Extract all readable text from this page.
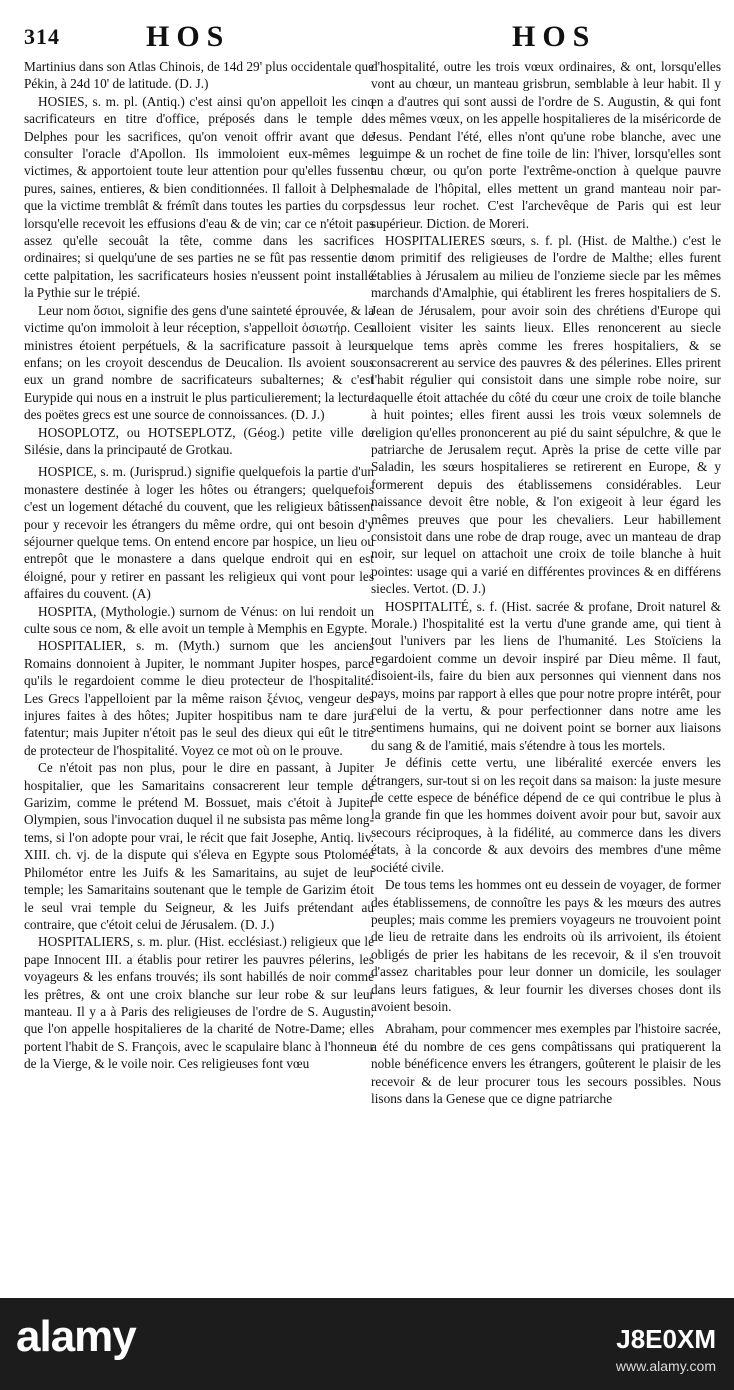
314	HOS	HOS

Martinius dans son Atlas Chinois, de 14d 29' plus occidentale que Pékin, à 24d 10' de latitude. (D. J.)

HOSIES, s. m. pl. (Antiq.) c'est ainsi qu'on appelloit les cinq sacrificateurs en titre d'office, préposés dans le temple de Delphes pour les sacrifices, qu'on venoit offrir avant que de consulter l'oracle d'Apollon. Ils immoloient eux-mêmes les victimes, & apportoient toute leur attention pour qu'elles fussent pures, saines, entieres, & bien conditionnées. Il falloit à Delphes que la victime tremblât & frémît dans toutes les parties du corps, lorsqu'elle recevoit les effusions d'eau & de vin; car ce n'étoit pas assez qu'elle secouât la tête, comme dans les sacrifices ordinaires; si quelqu'une de ses parties ne se fût pas ressentie de cette palpitation, les sacrificateurs hosies n'eussent point installé la Pythie sur le trépié.

Leur nom ὅσιοι, signifie des gens d'une sainteté éprouvée, & la victime qu'on immoloit à leur réception, s'appelloit ὁσιωτήρ. Ces ministres étoient perpétuels, & la sacrificature passoit à leurs enfans; on les croyoit descendus de Deucalion. Ils avoient sous eux un grand nombre de sacrificateurs subalternes; & c'est Eurypide qui nous en a instruit le plus particulierement; la lecture des poëtes grecs est une source de connoissances. (D. J.)

HOSOPLOTZ, ou HOTSEPLOTZ, (Géog.) petite ville de Silésie, dans la principauté de Grotkau.

HOSPICE, s. m. (Jurisprud.) signifie quelquefois la partie d'un monastere destinée à loger les hôtes ou étrangers; quelquefois c'est un logement détaché du couvent, que les religieux bâtissent pour y recevoir les étrangers du même ordre, qui ont besoin d'y séjourner quelque tems. On entend encore par hospice, un lieu ou entrepôt que le monastere a dans quelque endroit qui en est éloigné, pour y retirer en passant les religieux qui vont pour les affaires du couvent. (A)

HOSPITA, (Mythologie.) surnom de Vénus: on lui rendoit un culte sous ce nom, & elle avoit un temple à Memphis en Egypte.

HOSPITALIER, s. m. (Myth.) surnom que les anciens Romains donnoient à Jupiter, le nommant Jupiter hospes, parce qu'ils le regardoient comme le dieu protecteur de l'hospitalité. Les Grecs l'appelloient par la même raison ξένιος, vengeur des injures faites à des hôtes; Jupiter hospitibus nam te dare jura fatentur; mais Jupiter n'étoit pas le seul des dieux qui eût le titre de protecteur de l'hospitalité. Voyez ce mot où on le prouve.

Ce n'étoit pas non plus, pour le dire en passant, à Jupiter hospitalier, que les Samaritains consacrerent leur temple de Garizim, comme le prétend M. Bossuet, mais c'étoit à Jupiter Olympien, sous l'invocation duquel il ne subsista pas même long-tems, si l'on adopte pour vrai, le récit que fait Josephe, Antiq. liv. XIII. ch. vj. de la dispute qui s'éleva en Egypte sous Ptolomée Philométor entre les Juifs & les Samaritains, au sujet de leur temple; les Samaritains soutenant que le temple de Garizim étoit le seul vrai temple du Seigneur, & les Juifs prétendant au contraire, que c'étoit celui de Jérusalem. (D. J.)

HOSPITALIERS, s. m. plur. (Hist. ecclésiast.) religieux que le pape Innocent III. a établis pour retirer les pauvres pélerins, les voyageurs & les enfans trouvés; ils sont habillés de noir comme les prêtres, & ont une croix blanche sur leur robe & sur leur manteau. Il y a à Paris des religieuses de l'ordre de S. Augustin, que l'on appelle hospitalieres de la charité de Notre-Dame; elles portent l'habit de S. François, avec le scapulaire blanc à l'honneur de la Vierge, & le voile noir. Ces religieuses font vœu

d'hospitalité, outre les trois vœux ordinaires, & ont, lorsqu'elles vont au chœur, un manteau grisbrun, semblable à leur habit. Il y en a d'autres qui sont aussi de l'ordre de S. Augustin, & qui font les mêmes vœux, on les appelle hospitalieres de la miséricorde de Jesus. Pendant l'été, elles n'ont qu'une robe blanche, avec une guimpe & un rochet de fine toile de lin: l'hiver, lorsqu'elles sont au chœur, ou qu'on porte l'extrême-onction à quelque pauvre malade de l'hôpital, elles mettent un grand manteau noir par-dessus leur rochet. C'est l'archevêque de Paris qui est leur supérieur. Diction. de Moreri.

HOSPITALIERES sœurs, s. f. pl. (Hist. de Malthe.) c'est le nom primitif des religieuses de l'ordre de Malthe; elles furent établies à Jérusalem au milieu de l'onzieme siecle par les mêmes marchands d'Amalphie, qui établirent les freres hospitaliers de S. Jean de Jérusalem, pour avoir soin des chrétiens d'Europe qui alloient visiter les saints lieux. Elles renoncerent au siecle quelque tems après comme les freres hospitaliers, & se consacrerent au service des pauvres & des pélerines. Elles prirent l'habit régulier qui consistoit dans une simple robe noire, sur laquelle étoit attachée du côté du cœur une croix de toile blanche à huit pointes; elles firent aussi les trois vœux solemnels de religion qu'elles prononcerent au pié du saint sépulchre, & que le patriarche de Jerusalem reçut. Après la prise de cette ville par Saladin, les sœurs hospitalieres se retirerent en Europe, & y formerent depuis des établissemens considérables. Leur naissance devoit être noble, & l'on exigeoit à leur égard les mêmes preuves que pour les chevaliers. Leur habillement consistoit dans une robe de drap rouge, avec un manteau de drap noir, sur lequel on attachoit une croix de toile blanche à huit pointes: usage qui a varié en différentes provinces & en différens siecles. Vertot. (D. J.)

HOSPITALITÉ, s. f. (Hist. sacrée & profane, Droit naturel & Morale.) l'hospitalité est la vertu d'une grande ame, qui tient à tout l'univers par les liens de l'humanité. Les Stoïciens la regardoient comme un devoir inspiré par Dieu même. Il faut, disoient-ils, faire du bien aux personnes qui viennent dans nos pays, moins par rapport à elles que pour notre propre intérêt, pour celui de la vertu, & pour perfectionner dans notre ame les sentimens humains, qui ne doivent point se borner aux liaisons du sang & de l'amitié, mais s'étendre à tous les mortels.

Je définis cette vertu, une libéralité exercée envers les étrangers, sur-tout si on les reçoit dans sa maison: la juste mesure de cette espece de bénéfice dépend de ce qui contribue le plus à la grande fin que les hommes doivent avoir pour but, savoir aux secours réciproques, à la fidélité, au commerce dans les divers états, à la concorde & aux devoirs des membres d'une même société civile.

De tous tems les hommes ont eu dessein de voyager, de former des établissemens, de connoître les pays & les mœurs des autres peuples; mais comme les premiers voyageurs ne trouvoient point de lieu de retraite dans les endroits où ils arrivoient, ils étoient obligés de prier les habitans de les recevoir, & il s'en trouvoit d'assez charitables pour leur donner un domicile, les soulager dans leurs fatigues, & leur fournir les diverses choses dont ils avoient besoin.

Abraham, pour commencer mes exemples par l'histoire sacrée, a été du nombre de ces gens compâtissans qui pratiquerent la noble bénéficence envers les étrangers, goûterent le plaisir de les recevoir & de leur procurer tous les secours possibles. Nous lisons dans la Genese que ce digne patriarche

alamy	J8E0XM
www.alamy.com
